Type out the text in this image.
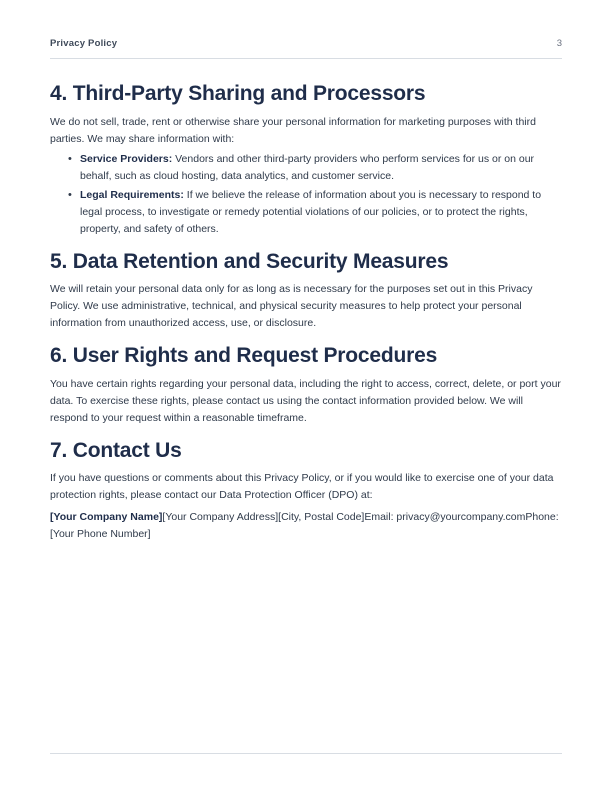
Privacy Policy	3
4. Third-Party Sharing and Processors

We do not sell, trade, rent or otherwise share your personal information for marketing purposes with third parties. We may share information with:

• Service Providers: Vendors and other third-party providers who perform services for us or on our behalf, such as cloud hosting, data analytics, and customer service.
• Legal Requirements: If we believe the release of information about you is necessary to respond to legal process, to investigate or remedy potential violations of our policies, or to protect the rights, property, and safety of others.
5. Data Retention and Security Measures

We will retain your personal data only for as long as is necessary for the purposes set out in this Privacy Policy. We use administrative, technical, and physical security measures to help protect your personal information from unauthorized access, use, or disclosure.

6. User Rights and Request Procedures

You have certain rights regarding your personal data, including the right to access, correct, delete, or port your data. To exercise these rights, please contact us using the contact information provided below. We will respond to your request within a reasonable timeframe.

7. Contact Us

If you have questions or comments about this Privacy Policy, or if you would like to exercise one of your data protection rights, please contact our Data Protection Officer (DPO) at:

[Your Company Name][Your Company Address][City, Postal Code]Email: privacy@yourcompany.comPhone: [Your Phone Number]
